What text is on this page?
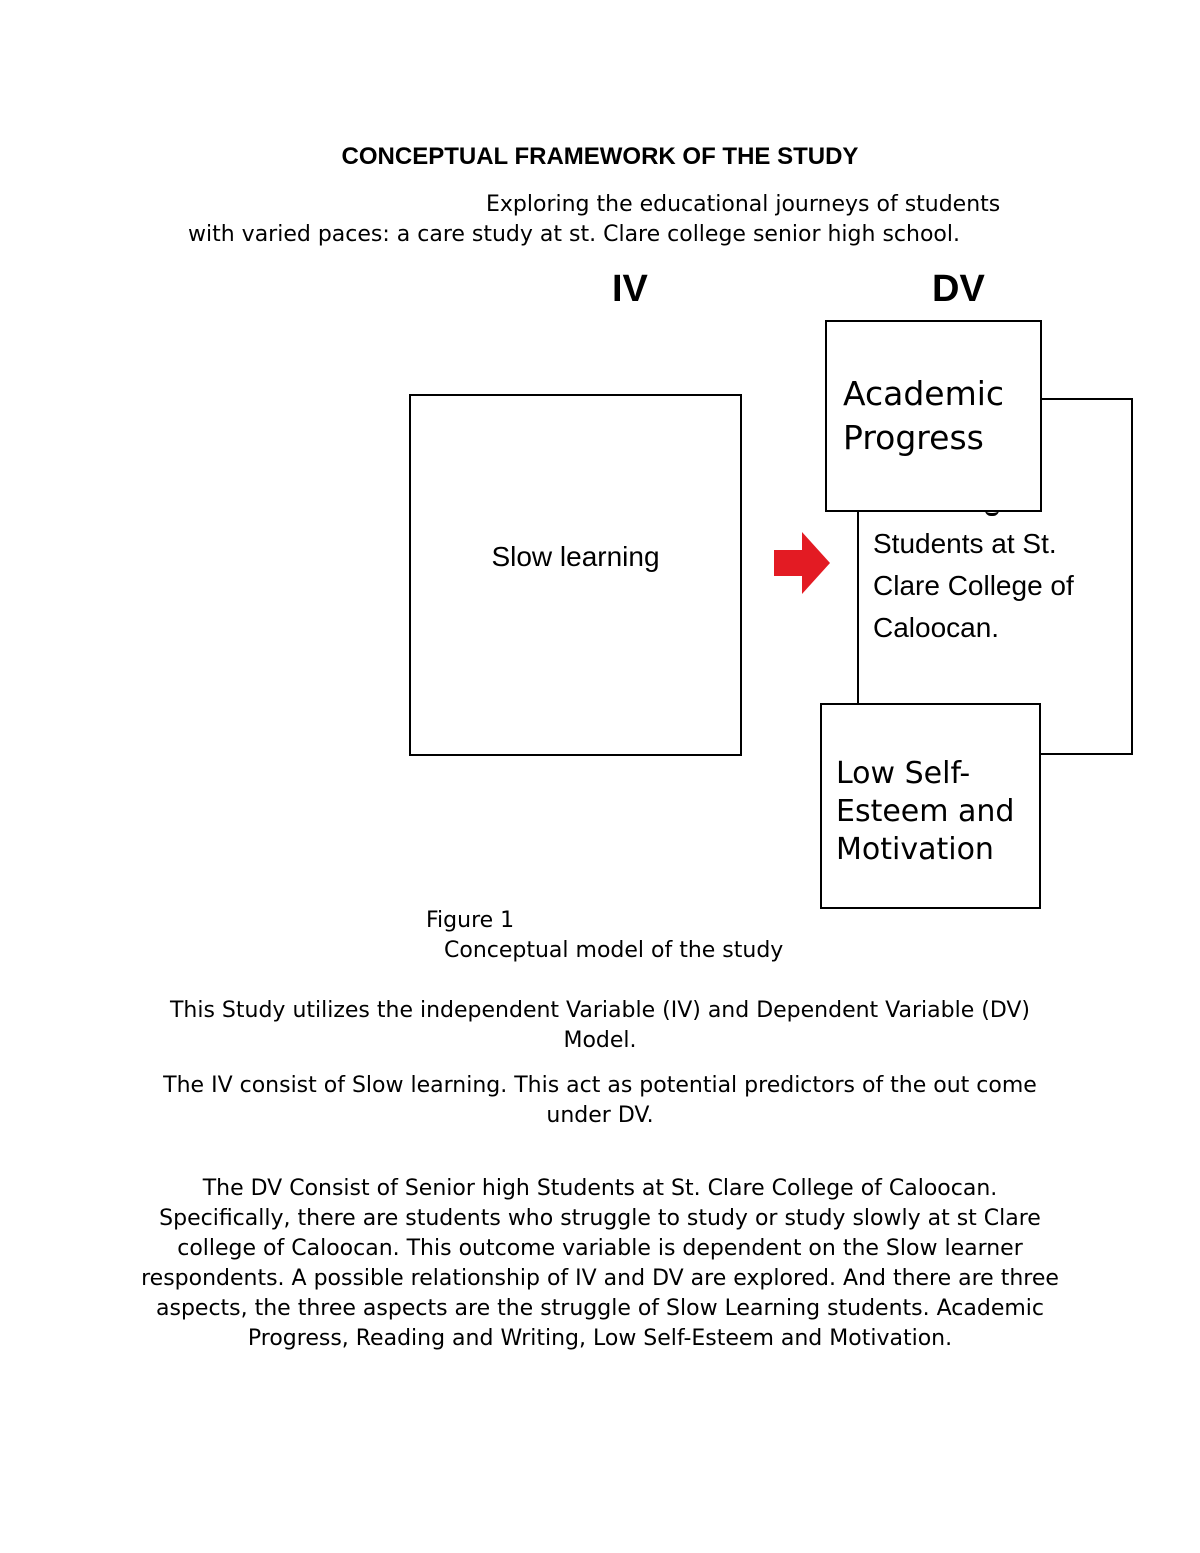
CONCEPTUAL FRAMEWORK OF THE STUDY
Exploring the educational journeys of students
with varied paces: a care study at st. Clare college senior high school.
IV	DV
Slow learning	Students at St. Clare College of Caloocan.
Academic Progress
Low Self-Esteem and Motivation
Figure 1
Conceptual model of the study
This Study utilizes the independent Variable (IV) and Dependent Variable (DV) Model.
The IV consist of Slow learning. This act as potential predictors of the out come under DV.
The DV Consist of Senior high Students at St. Clare College of Caloocan. Specifically, there are students who struggle to study or study slowly at st Clare college of Caloocan. This outcome variable is dependent on the Slow learner respondents. A possible relationship of IV and DV are explored. And there are three aspects, the three aspects are the struggle of Slow Learning students. Academic Progress, Reading and Writing, Low Self-Esteem and Motivation.
